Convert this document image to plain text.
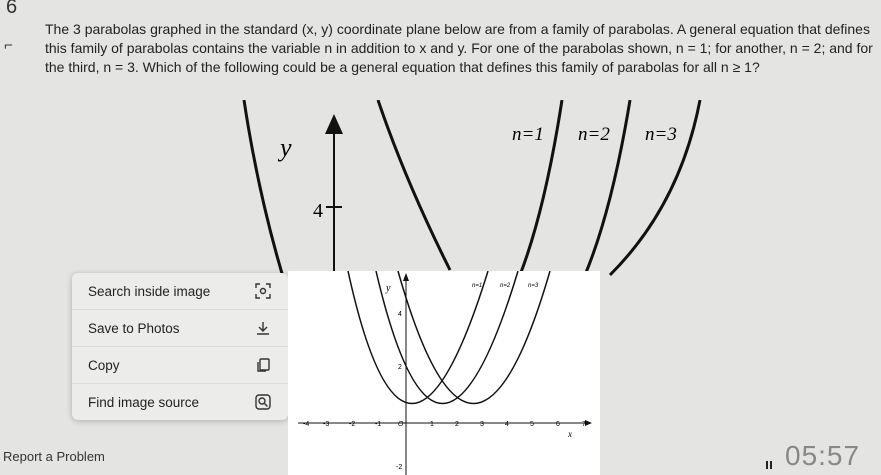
6
⌐
The 3 parabolas graphed in the standard (x, y) coordinate plane below are from a family of parabolas. A general equation that defines this family of parabolas contains the variable n in addition to x and y. For one of the parabolas shown, n = 1; for another, n = 2; and for the third, n = 3. Which of the following could be a general equation that defines this family of parabolas for all n ≥ 1?
y
4
n=1 n=2 n=3
Search inside image
Save to Photos
Copy
Find image source
y
x
4
2
-2
-4 -3	-2	-1 O	1	2	3	4	5	6	7
n=1	n=2	n=3
Report a Problem	05:57
